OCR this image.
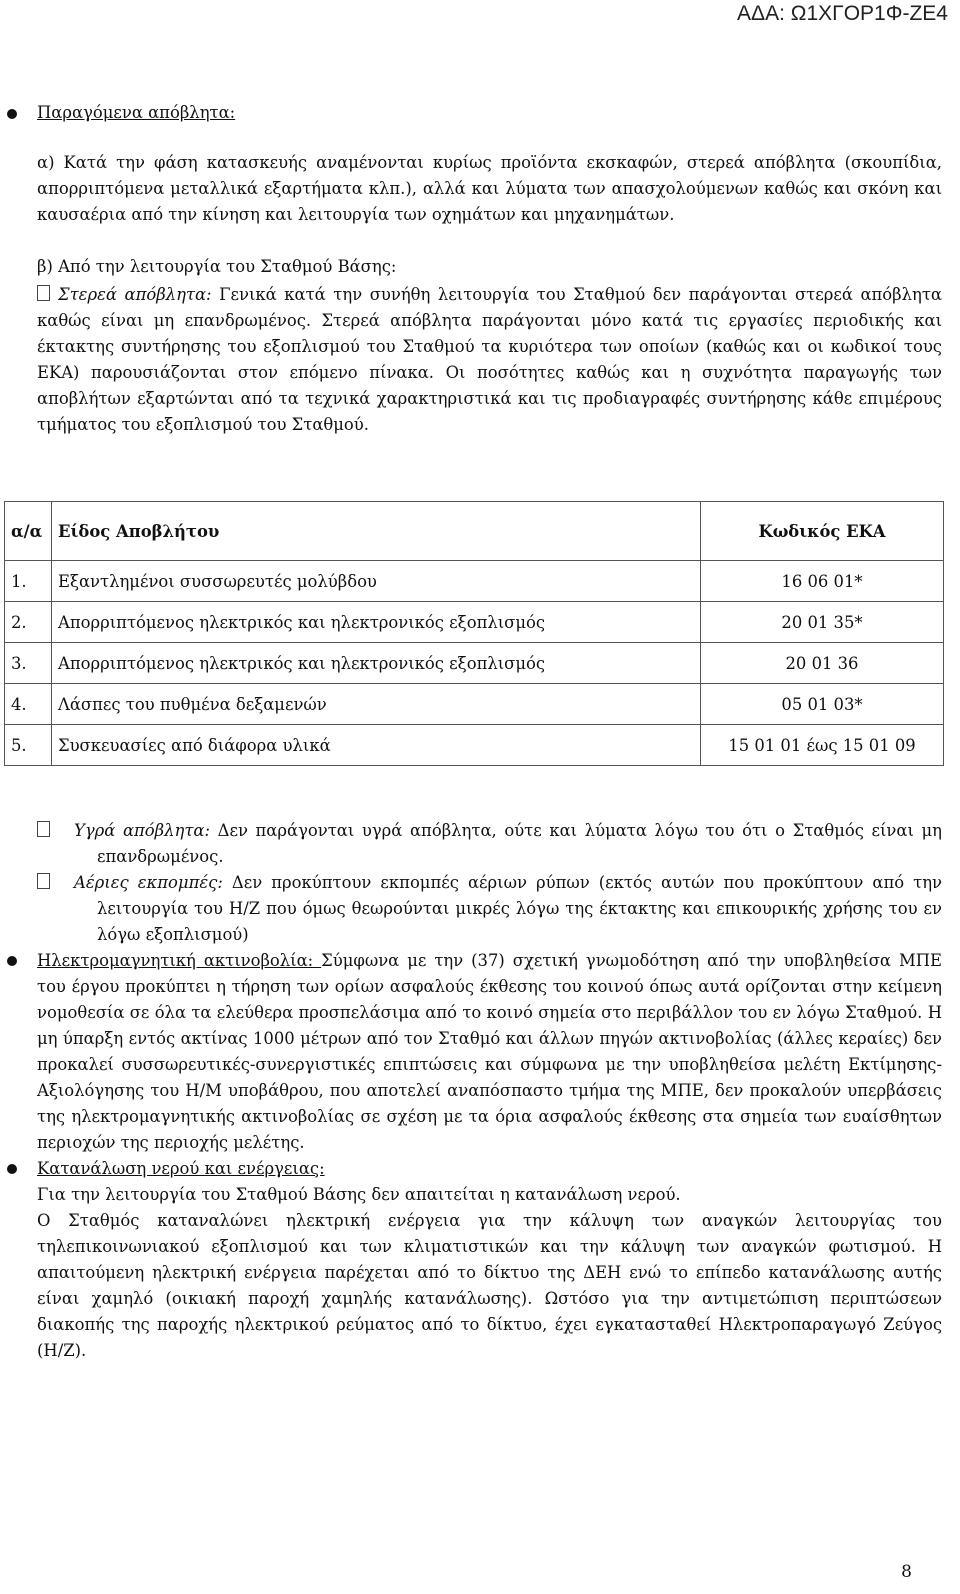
ΑΔΑ: Ω1ΧΓΟΡ1Φ-ΖΕ4
Παραγόμενα απόβλητα:
α) Κατά την φάση κατασκευής αναμένονται κυρίως προϊόντα εκσκαφών, στερεά απόβλητα (σκουπίδια, απορριπτόμενα μεταλλικά εξαρτήματα κλπ.), αλλά και λύματα των απασχολούμενων καθώς και σκόνη και καυσαέρια από την κίνηση και λειτουργία των οχημάτων και μηχανημάτων.
β) Από την λειτουργία του Σταθμού Βάσης:
Στερεά απόβλητα: Γενικά κατά την συνήθη λειτουργία του Σταθμού δεν παράγονται στερεά απόβλητα καθώς είναι μη επανδρωμένος. Στερεά απόβλητα παράγονται μόνο κατά τις εργασίες περιοδικής και έκτακτης συντήρησης του εξοπλισμού του Σταθμού τα κυριότερα των οποίων (καθώς και οι κωδικοί τους ΕΚΑ) παρουσιάζονται στον επόμενο πίνακα. Οι ποσότητες καθώς και η συχνότητα παραγωγής των αποβλήτων εξαρτώνται από τα τεχνικά χαρακτηριστικά και τις προδιαγραφές συντήρησης κάθε επιμέρους τμήματος του εξοπλισμού του Σταθμού.
α/α	Είδος Αποβλήτου	Κωδικός ΕΚΑ
1.	Εξαντλημένοι συσσωρευτές μολύβδου	16 06 01*
2.	Απορριπτόμενος ηλεκτρικός και ηλεκτρονικός εξοπλισμός	20 01 35*
3.	Απορριπτόμενος ηλεκτρικός και ηλεκτρονικός εξοπλισμός	20 01 36
4.	Λάσπες του πυθμένα δεξαμενών	05 01 03*
5.	Συσκευασίες από διάφορα υλικά	15 01 01 έως 15 01 09
Υγρά απόβλητα: Δεν παράγονται υγρά απόβλητα, ούτε και λύματα λόγω του ότι ο Σταθμός είναι μη επανδρωμένος.
Αέριες εκπομπές: Δεν προκύπτουν εκπομπές αέριων ρύπων (εκτός αυτών που προκύπτουν από την λειτουργία του Η/Ζ που όμως θεωρούνται μικρές λόγω της έκτακτης και επικουρικής χρήσης του εν λόγω εξοπλισμού)
Ηλεκτρομαγνητική ακτινοβολία: Σύμφωνα με την (37) σχετική γνωμοδότηση από την υποβληθείσα ΜΠΕ του έργου προκύπτει η τήρηση των ορίων ασφαλούς έκθεσης του κοινού όπως αυτά ορίζονται στην κείμενη νομοθεσία σε όλα τα ελεύθερα προσπελάσιμα από το κοινό σημεία στο περιβάλλον του εν λόγω Σταθμού. Η μη ύπαρξη εντός ακτίνας 1000 μέτρων από τον Σταθμό και άλλων πηγών ακτινοβολίας (άλλες κεραίες) δεν προκαλεί συσσωρευτικές-συνεργιστικές επιπτώσεις και σύμφωνα με την υποβληθείσα μελέτη Εκτίμησης-Αξιολόγησης του Η/Μ υποβάθρου, που αποτελεί αναπόσπαστο τμήμα της ΜΠΕ, δεν προκαλούν υπερβάσεις της ηλεκτρομαγνητικής ακτινοβολίας σε σχέση με τα όρια ασφαλούς έκθεσης στα σημεία των ευαίσθητων περιοχών της περιοχής μελέτης.
Κατανάλωση νερού και ενέργειας:
Για την λειτουργία του Σταθμού Βάσης δεν απαιτείται η κατανάλωση νερού.
Ο Σταθμός καταναλώνει ηλεκτρική ενέργεια για την κάλυψη των αναγκών λειτουργίας του τηλεπικοινωνιακού εξοπλισμού και των κλιματιστικών και την κάλυψη των αναγκών φωτισμού. Η απαιτούμενη ηλεκτρική ενέργεια παρέχεται από το δίκτυο της ΔΕΗ ενώ το επίπεδο κατανάλωσης αυτής είναι χαμηλό (οικιακή παροχή χαμηλής κατανάλωσης). Ωστόσο για την αντιμετώπιση περιπτώσεων διακοπής της παροχής ηλεκτρικού ρεύματος από το δίκτυο, έχει εγκατασταθεί Ηλεκτροπαραγωγό Ζεύγος (Η/Ζ).
8
